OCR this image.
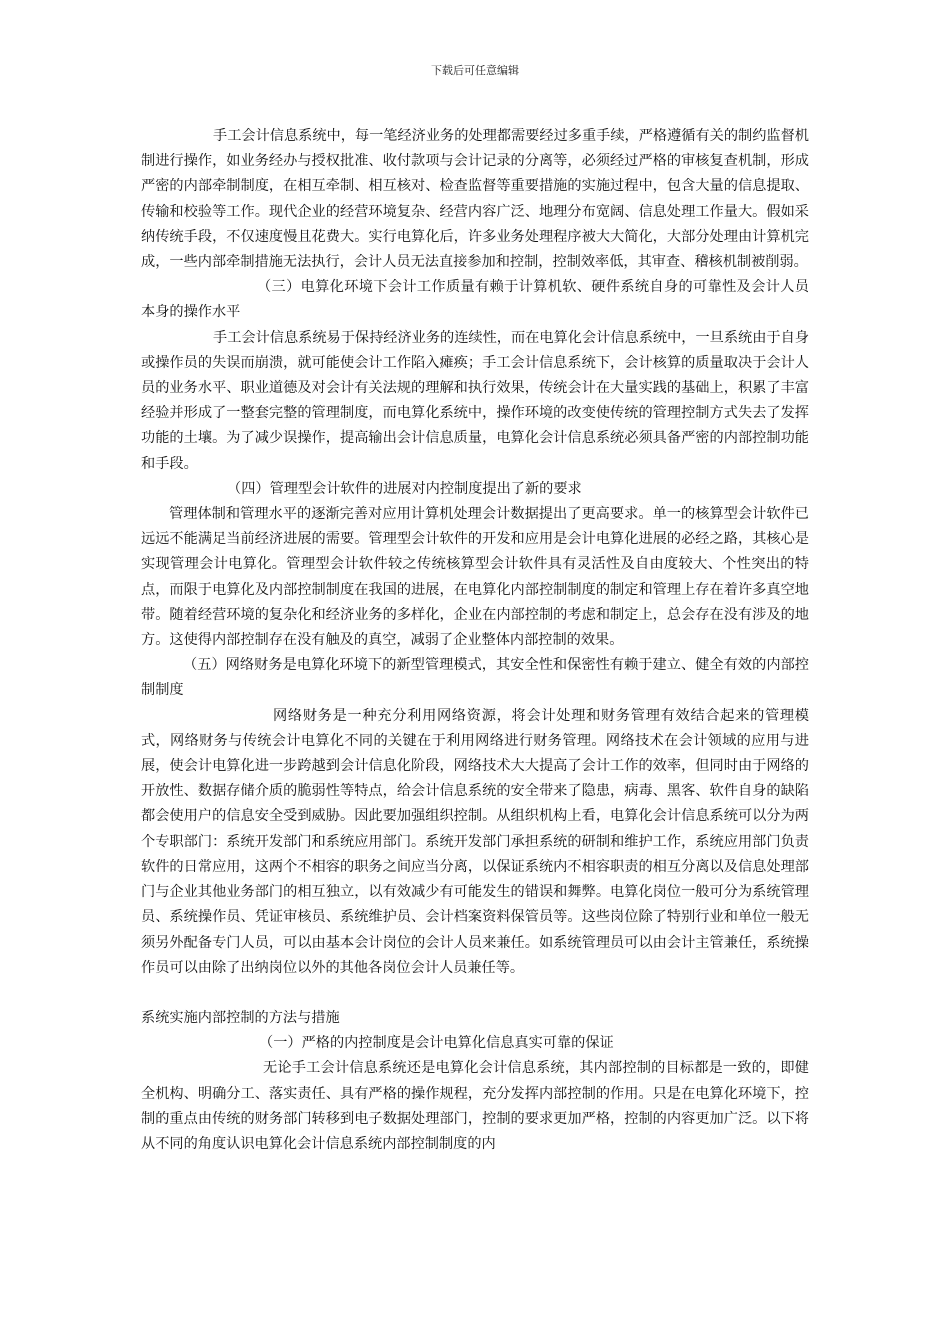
下载后可任意编辑

手工会计信息系统中，每一笔经济业务的处理都需要经过多重手续，严格遵循有关的制约监督机制进行操作，如业务经办与授权批准、收付款项与会计记录的分离等，必须经过严格的审核复查机制，形成严密的内部牵制制度，在相互牵制、相互核对、检查监督等重要措施的实施过程中，包含大量的信息提取、传输和校验等工作。现代企业的经营环境复杂、经营内容广泛、地理分布宽阔、信息处理工作量大。假如采纳传统手段，不仅速度慢且花费大。实行电算化后，许多业务处理程序被大大简化，大部分处理由计算机完成，一些内部牵制措施无法执行，会计人员无法直接参加和控制，控制效率低，其审查、稽核机制被削弱。

（三）电算化环境下会计工作质量有赖于计算机软、硬件系统自身的可靠性及会计人员本身的操作水平

手工会计信息系统易于保持经济业务的连续性，而在电算化会计信息系统中，一旦系统由于自身或操作员的失误而崩溃，就可能使会计工作陷入瘫痪；手工会计信息系统下，会计核算的质量取决于会计人员的业务水平、职业道德及对会计有关法规的理解和执行效果，传统会计在大量实践的基础上，积累了丰富经验并形成了一整套完整的管理制度，而电算化系统中，操作环境的改变使传统的管理控制方式失去了发挥功能的土壤。为了减少误操作，提高输出会计信息质量，电算化会计信息系统必须具备严密的内部控制功能和手段。

（四）管理型会计软件的进展对内控制度提出了新的要求

管理体制和管理水平的逐渐完善对应用计算机处理会计数据提出了更高要求。单一的核算型会计软件已远远不能满足当前经济进展的需要。管理型会计软件的开发和应用是会计电算化进展的必经之路，其核心是实现管理会计电算化。管理型会计软件较之传统核算型会计软件具有灵活性及自由度较大、个性突出的特点，而限于电算化及内部控制制度在我国的进展，在电算化内部控制制度的制定和管理上存在着许多真空地带。随着经营环境的复杂化和经济业务的多样化，企业在内部控制的考虑和制定上，总会存在没有涉及的地方。这使得内部控制存在没有触及的真空，减弱了企业整体内部控制的效果。

（五）网络财务是电算化环境下的新型管理模式，其安全性和保密性有赖于建立、健全有效的内部控制制度

网络财务是一种充分利用网络资源，将会计处理和财务管理有效结合起来的管理模式，网络财务与传统会计电算化不同的关键在于利用网络进行财务管理。网络技术在会计领域的应用与进展，使会计电算化进一步跨越到会计信息化阶段，网络技术大大提高了会计工作的效率，但同时由于网络的开放性、数据存储介质的脆弱性等特点，给会计信息系统的安全带来了隐患，病毒、黑客、软件自身的缺陷都会使用户的信息安全受到威胁。因此要加强组织控制。从组织机构上看，电算化会计信息系统可以分为两个专职部门：系统开发部门和系统应用部门。系统开发部门承担系统的研制和维护工作，系统应用部门负责软件的日常应用，这两个不相容的职务之间应当分离，以保证系统内不相容职责的相互分离以及信息处理部门与企业其他业务部门的相互独立，以有效减少有可能发生的错误和舞弊。电算化岗位一般可分为系统管理员、系统操作员、凭证审核员、系统维护员、会计档案资料保管员等。这些岗位除了特别行业和单位一般无须另外配备专门人员，可以由基本会计岗位的会计人员来兼任。如系统管理员可以由会计主管兼任，系统操作员可以由除了出纳岗位以外的其他各岗位会计人员兼任等。

系统实施内部控制的方法与措施

（一）严格的内控制度是会计电算化信息真实可靠的保证

无论手工会计信息系统还是电算化会计信息系统，其内部控制的目标都是一致的，即健全机构、明确分工、落实责任、具有严格的操作规程，充分发挥内部控制的作用。只是在电算化环境下，控制的重点由传统的财务部门转移到电子数据处理部门，控制的要求更加严格，控制的内容更加广泛。以下将从不同的角度认识电算化会计信息系统内部控制制度的内
